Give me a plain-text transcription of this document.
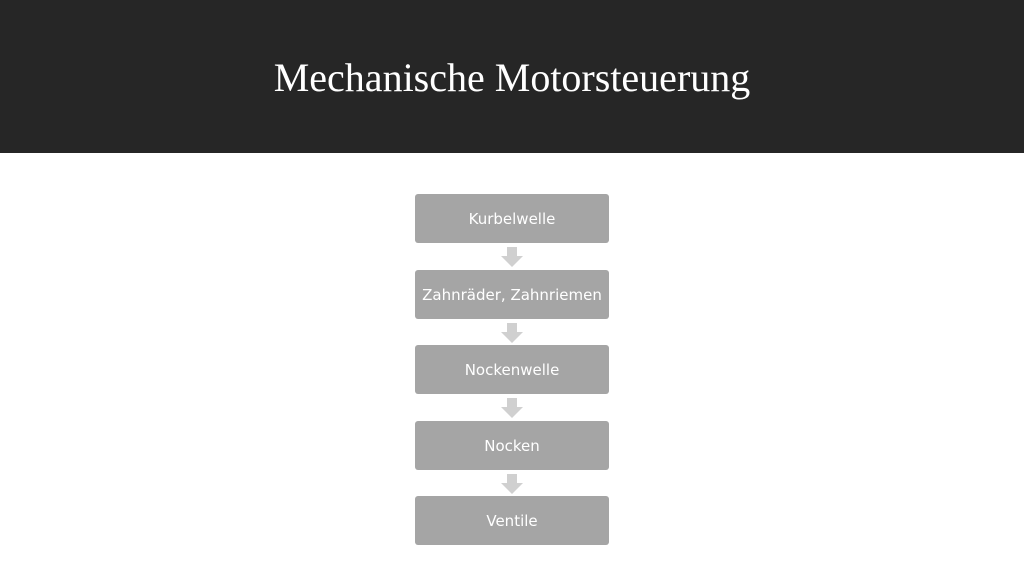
Mechanische Motorsteuerung
Kurbelwelle
Zahnräder, Zahnriemen
Nockenwelle
Nocken
Ventile
